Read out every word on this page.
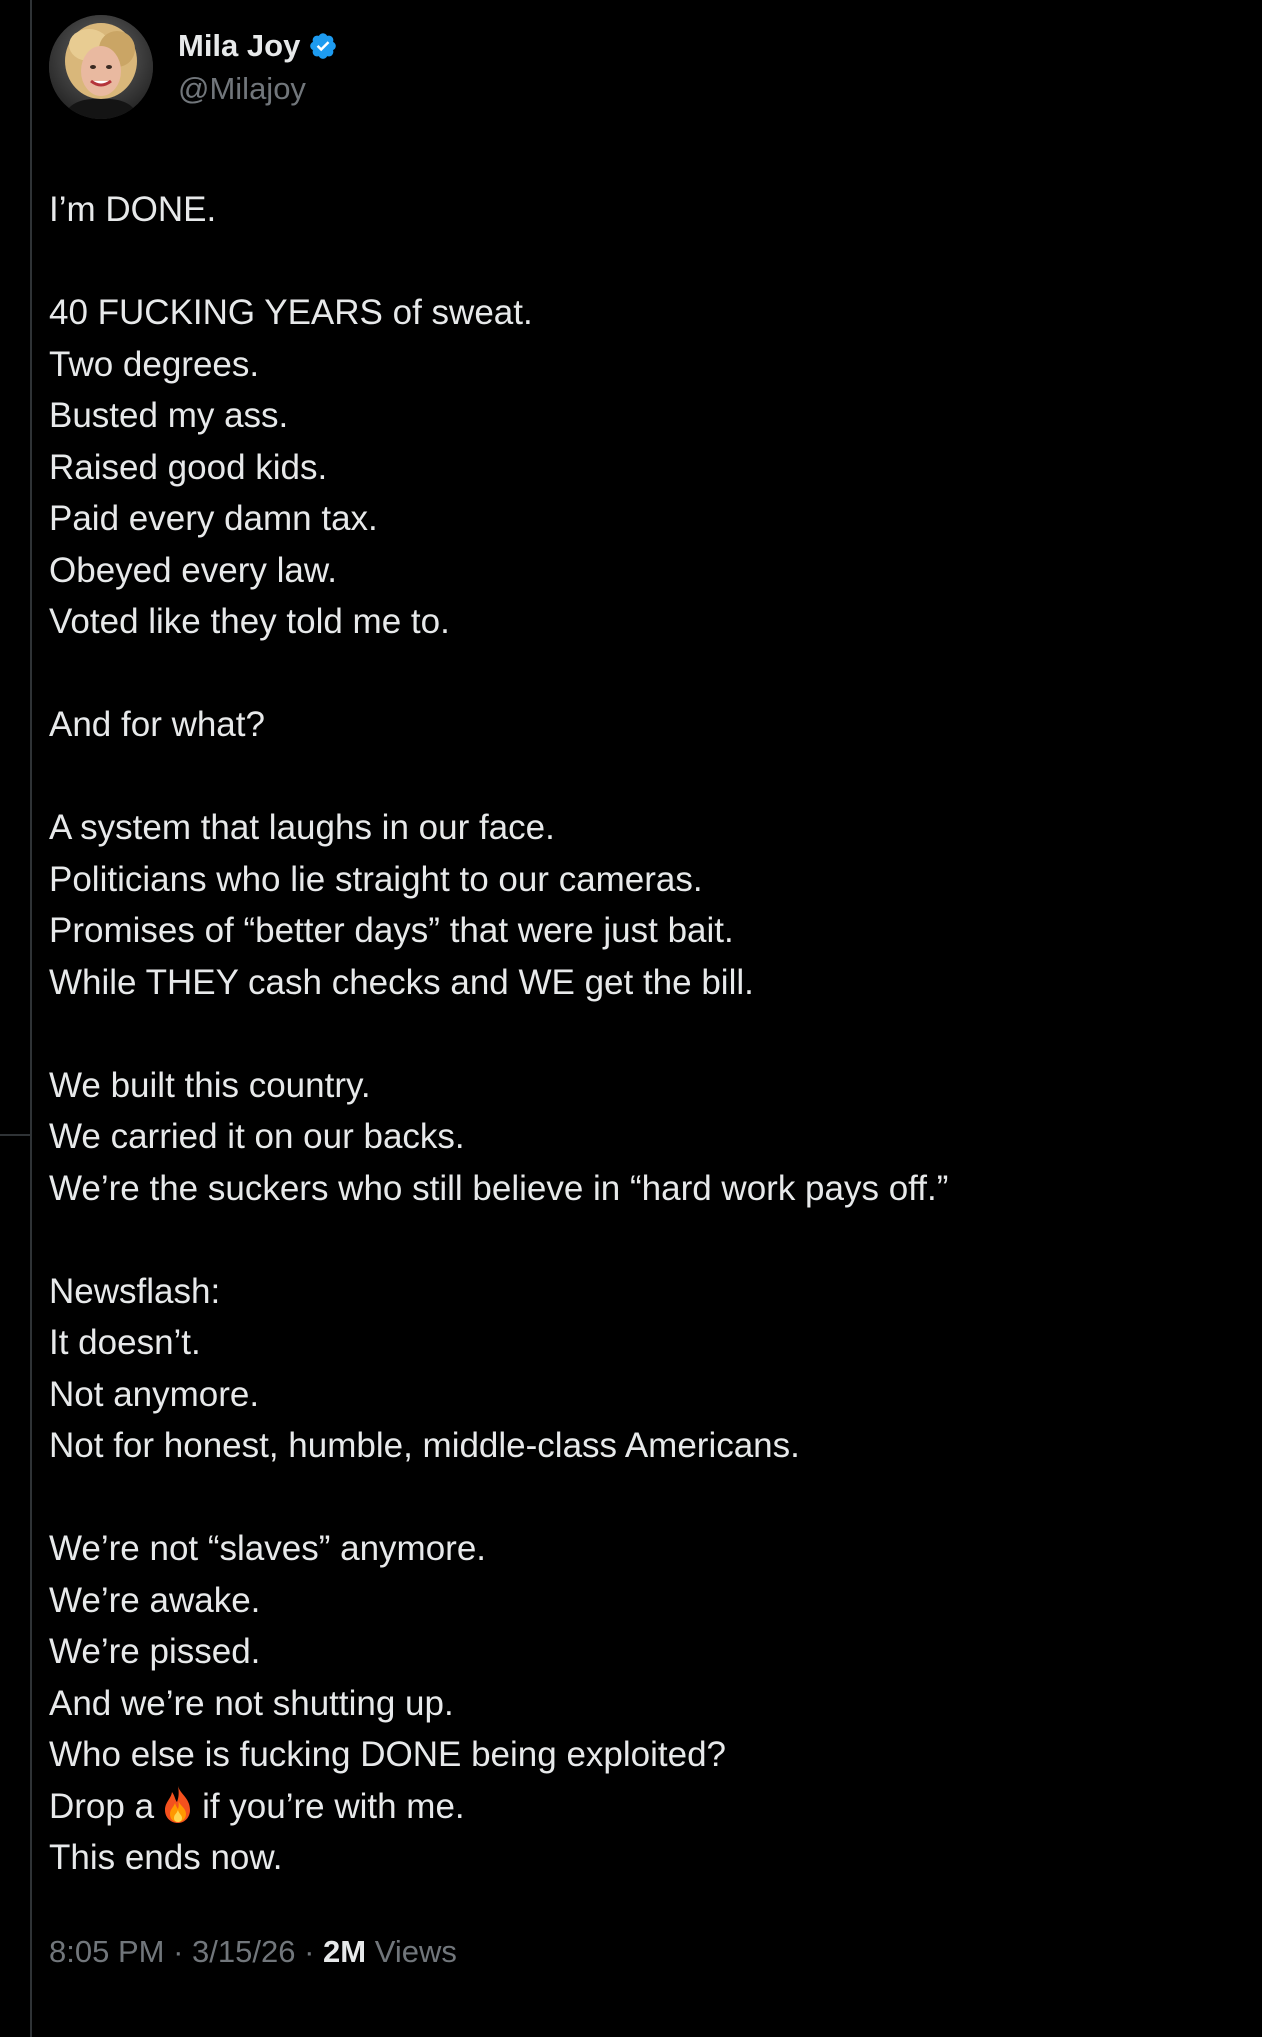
Mila Joy
@Milajoy
I’m DONE.
40 FUCKING YEARS of sweat.
Two degrees.
Busted my ass.
Raised good kids.
Paid every damn tax.
Obeyed every law.
Voted like they told me to.
And for what?
A system that laughs in our face.
Politicians who lie straight to our cameras.
Promises of “better days” that were just bait.
While THEY cash checks and WE get the bill.
We built this country.
We carried it on our backs.
We’re the suckers who still believe in “hard work pays off.”
Newsflash:
It doesn’t.
Not anymore.
Not for honest, humble, middle-class Americans.
We’re not “slaves” anymore.
We’re awake.
We’re pissed.
And we’re not shutting up.
Who else is fucking DONE being exploited?
Drop a if you’re with me.
This ends now.
8:05 PM · 3/15/26 · 2M Views
